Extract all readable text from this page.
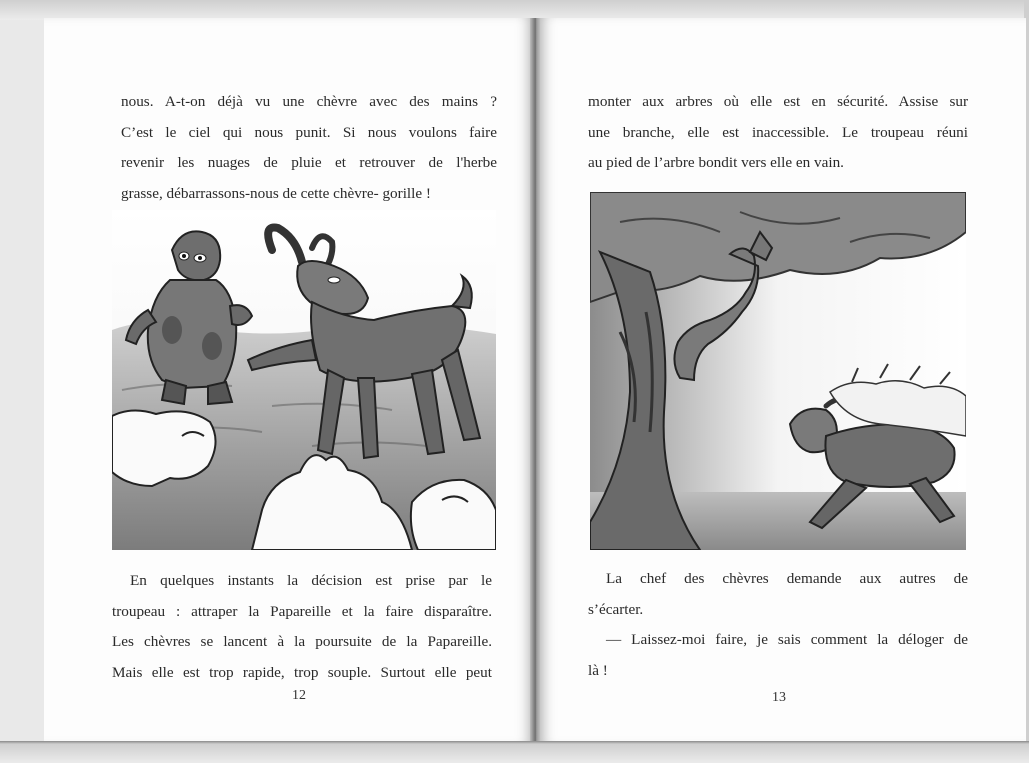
nous. A-t-on déjà vu une chèvre avec des mains ?
C’est le ciel qui nous punit. Si nous voulons faire
revenir les nuages de pluie et retrouver de l'herbe
grasse, débarrassons-nous de cette chèvre- gorille !
En quelques instants la décision est prise par le
troupeau : attraper la Papareille et la faire disparaître.
Les chèvres se lancent à la poursuite de la Papareille.
Mais elle est trop rapide, trop souple. Surtout elle peut
12
monter aux arbres où elle est en sécurité. Assise sur
une branche, elle est inaccessible. Le troupeau réuni
au pied de l’arbre bondit vers elle en vain.
La chef des chèvres demande aux autres de
s’écarter.
— Laissez-moi faire, je sais comment la déloger de
là !
13
